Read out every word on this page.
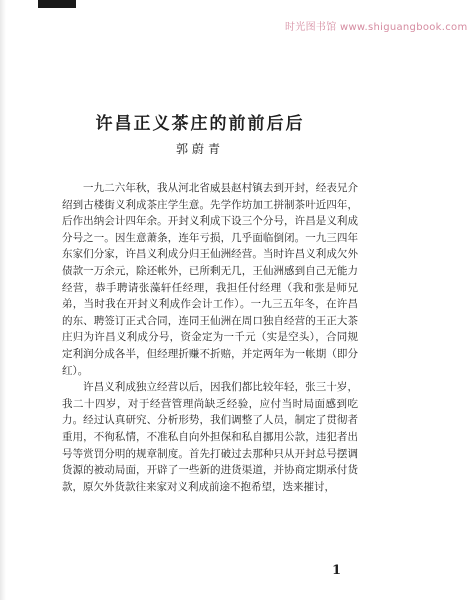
时光图书馆 www.shiguangbook.com
许昌正义茶庄的前前后后
郭蔚青

一九二六年秋，我从河北省威县赵村镇去到开封，经表兄介绍到古楼街义利成茶庄学生意。先学作坊加工拼制茶叶近四年，后作出纳会计四年余。开封义利成下设三个分号，许昌是义利成分号之一。因生意萧条，连年亏损，几乎面临倒闭。一九三四年东家们分家，许昌义利成分归王仙洲经营。当时许昌义利成欠外债款一万余元，除还帐外，已所剩无几，王仙洲感到自己无能力经营，恭手聘请张藻轩任经理，我担任付经理（我和张是师兄弟，当时我在开封义利成作会计工作）。一九三五年冬，在许昌的东、聘签订正式合同，连同王仙洲在周口独自经营的王正大茶庄归为许昌义利成分号，资金定为一千元（实是空头），合同规定利润分成各半，但经理折赚不折赔，并定两年为一帐期（即分红）。

许昌义利成独立经营以后，因我们都比较年轻，张三十岁，我二十四岁，对于经营管理尚缺乏经验，应付当时局面感到吃力。经过认真研究、分析形势，我们调整了人员，制定了贯彻者重用，不徇私情，不准私自向外担保和私自挪用公款，违犯者出号等赏罚分明的规章制度。首先打破过去那种只从开封总号摆调货源的被动局面，开辟了一些新的进货渠道，并协商定期承付货款，原欠外货款往来家对义利成前途不抱希望，迭来摧讨，

1
